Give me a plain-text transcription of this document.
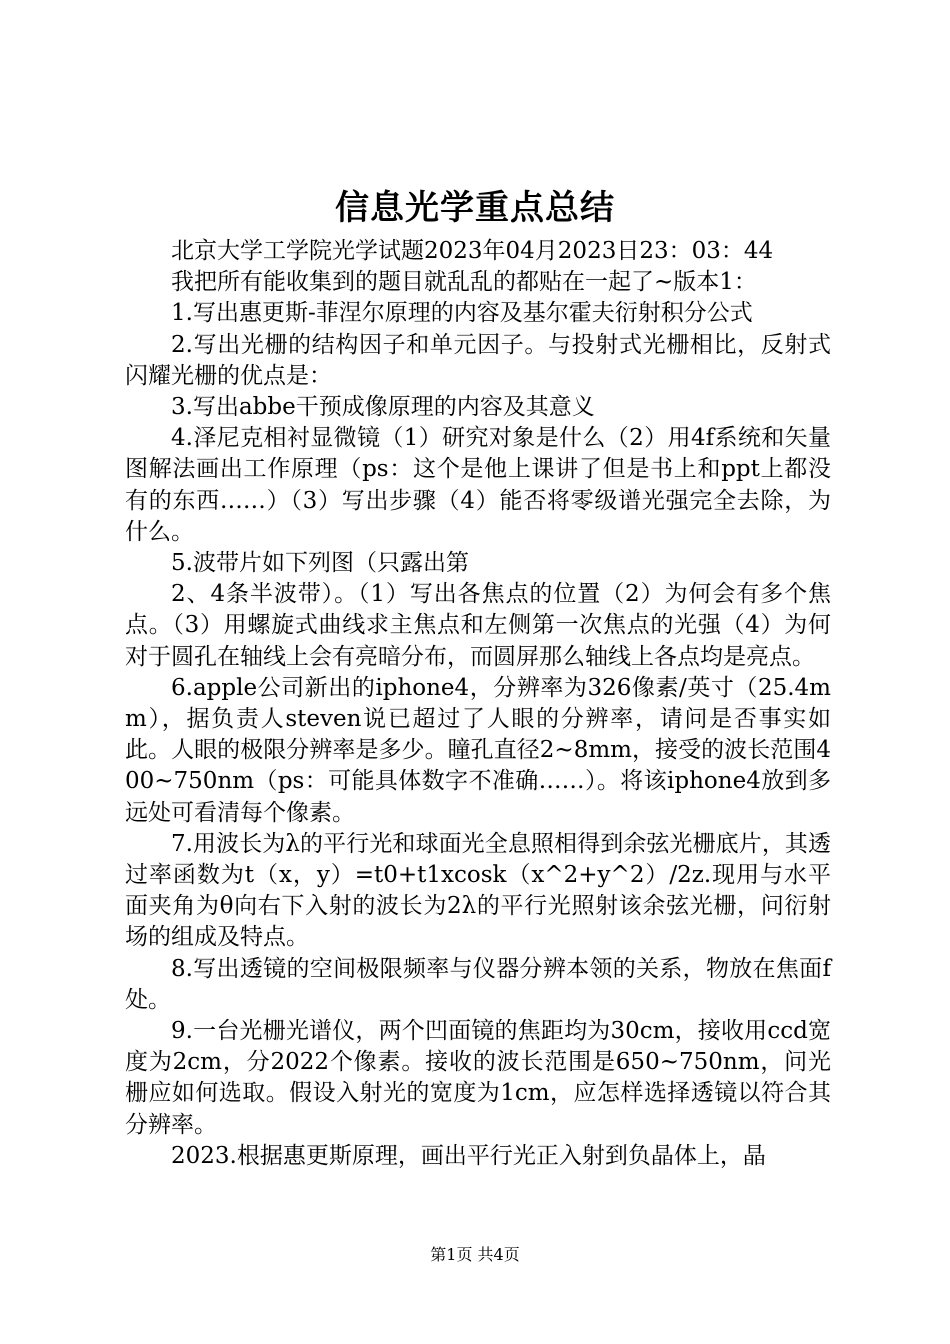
信息光学重点总结

北京大学工学院光学试题2023年04月2023日23：03：44

我把所有能收集到的题目就乱乱的都贴在一起了~版本1：

1.写出惠更斯-菲涅尔原理的内容及基尔霍夫衍射积分公式

2.写出光栅的结构因子和单元因子。与投射式光栅相比，反射式闪耀光栅的优点是：

3.写出abbe干预成像原理的内容及其意义

4.泽尼克相衬显微镜（1）研究对象是什么（2）用4f系统和矢量图解法画出工作原理（ps：这个是他上课讲了但是书上和ppt上都没有的东西……）（3）写出步骤（4）能否将零级谱光强完全去除，为什么。

5.波带片如下列图（只露出第

2、4条半波带）。（1）写出各焦点的位置（2）为何会有多个焦点。（3）用螺旋式曲线求主焦点和左侧第一次焦点的光强（4）为何对于圆孔在轴线上会有亮暗分布，而圆屏那么轴线上各点均是亮点。

6.apple公司新出的iphone4，分辨率为326像素/英寸（25.4mm），据负责人steven说已超过了人眼的分辨率，请问是否事实如此。人眼的极限分辨率是多少。瞳孔直径2~8mm，接受的波长范围400~750nm（ps：可能具体数字不准确……）。将该iphone4放到多远处可看清每个像素。

7.用波长为λ的平行光和球面光全息照相得到余弦光栅底片，其透过率函数为t（x，y）=t0+t1xcosk（x^2+y^2）/2z.现用与水平面夹角为θ向右下入射的波长为2λ的平行光照射该余弦光栅，问衍射场的组成及特点。

8.写出透镜的空间极限频率与仪器分辨本领的关系，物放在焦面f处。

9.一台光栅光谱仪，两个凹面镜的焦距均为30cm，接收用ccd宽度为2cm，分2022个像素。接收的波长范围是650~750nm，问光栅应如何选取。假设入射光的宽度为1cm，应怎样选择透镜以符合其分辨率。

2023.根据惠更斯原理，画出平行光正入射到负晶体上，晶

第1页 共4页
